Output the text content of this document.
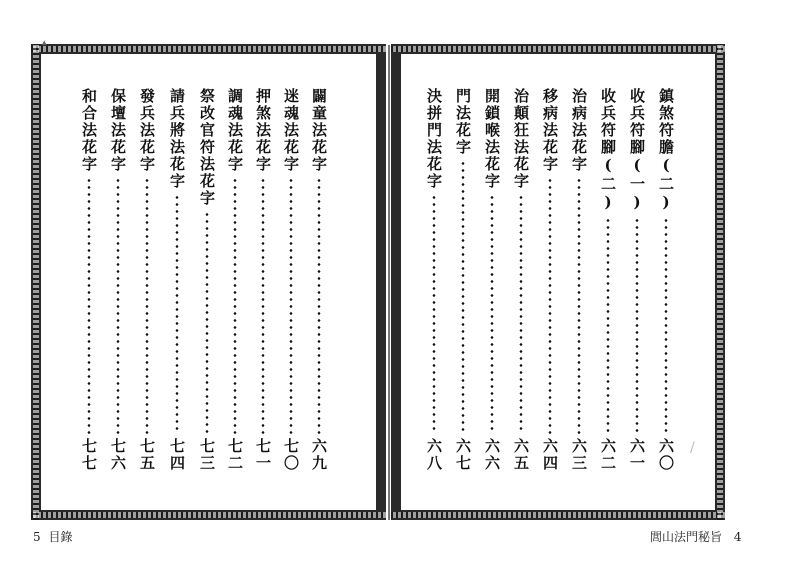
闢童法花字
六九
迷魂法花字
七〇
押煞法花字
七一
調魂法花字
七二
祭改官符法花字
七三
請兵將法花字
七四
發兵法花字
七五
保壇法花字
七六
和合法花字
七七
鎮煞符膽(二)
六〇
收兵符腳(一)
六一
收兵符腳(二)
六二
治病法花字
六三
移病法花字
六四
治顛狂法花字
六五
開鎖喉法花字
六六
門法花字
六七
決拼門法花字
六八
5 目錄	閭山法門秘旨 4
▴
/
